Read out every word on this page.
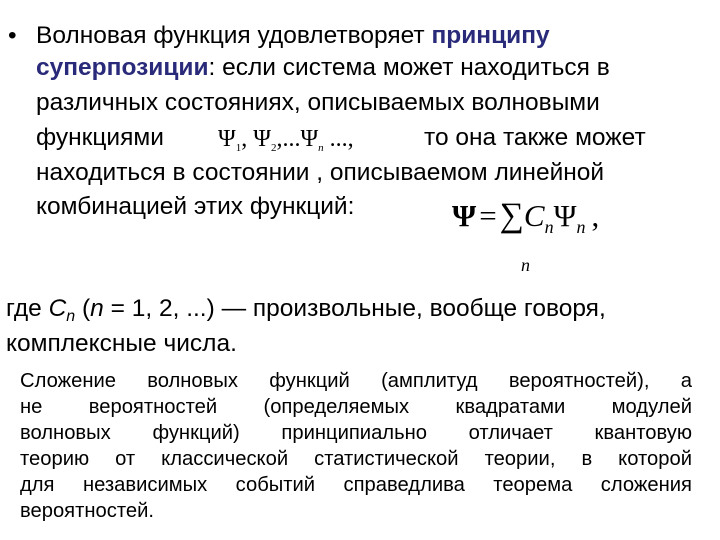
• Волновая функция удовлетворяет принципу
суперпозиции: если система может находиться в
различных состояниях, описываемых волновыми
функциями $\Psi_1$, $\Psi_2,...\Psi_n$ ...,	то она также может
находиться в состоянии , описываемом линейной
комбинацией этих функций:	$\Psi=\sum C_n\Psi_n$ ,
n
где $C_n$ (n = 1, 2, ...) — произвольные, вообще говоря,
комплексные числа.
Сложение волновых функций (амплитуд вероятностей), а
не вероятностей (определяемых квадратами модулей
волновых функций) принципиально отличает квантовую
теорию от классической статистической теории, в которой
для независимых событий справедлива теорема сложения
вероятностей.
